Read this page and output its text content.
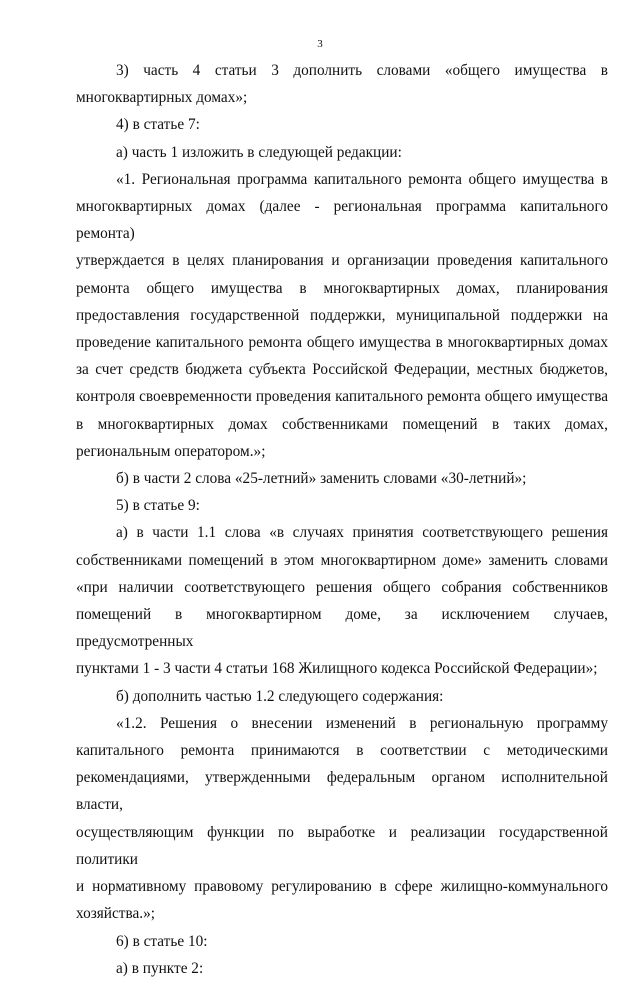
3

3) часть 4 статьи 3 дополнить словами «общего имущества в

многоквартирных домах»;

4) в статье 7:

а) часть 1 изложить в следующей редакции:

«1. Региональная программа капитального ремонта общего имущества в

многоквартирных домах (далее - региональная программа капитального ремонта)

утверждается в целях планирования и организации проведения капитального

ремонта общего имущества в многоквартирных домах, планирования

предоставления государственной поддержки, муниципальной поддержки на

проведение капитального ремонта общего имущества в многоквартирных домах

за счет средств бюджета субъекта Российской Федерации, местных бюджетов,

контроля своевременности проведения капитального ремонта общего имущества

в многоквартирных домах собственниками помещений в таких домах,

региональным оператором.»;

б) в части 2 слова «25-летний» заменить словами «30-летний»;

5) в статье 9:

а) в части 1.1 слова «в случаях принятия соответствующего решения

собственниками помещений в этом многоквартирном доме» заменить словами

«при наличии соответствующего решения общего собрания собственников

помещений в многоквартирном доме, за исключением случаев, предусмотренных

пунктами 1 - 3 части 4 статьи 168 Жилищного кодекса Российской Федерации»;

б) дополнить частью 1.2 следующего содержания:

«1.2. Решения о внесении изменений в региональную программу

капитального ремонта принимаются в соответствии с методическими

рекомендациями, утвержденными федеральным органом исполнительной власти,

осуществляющим функции по выработке и реализации государственной политики

и нормативному правовому регулированию в сфере жилищно-коммунального

хозяйства.»;

6) в статье 10:

а) в пункте 2:
